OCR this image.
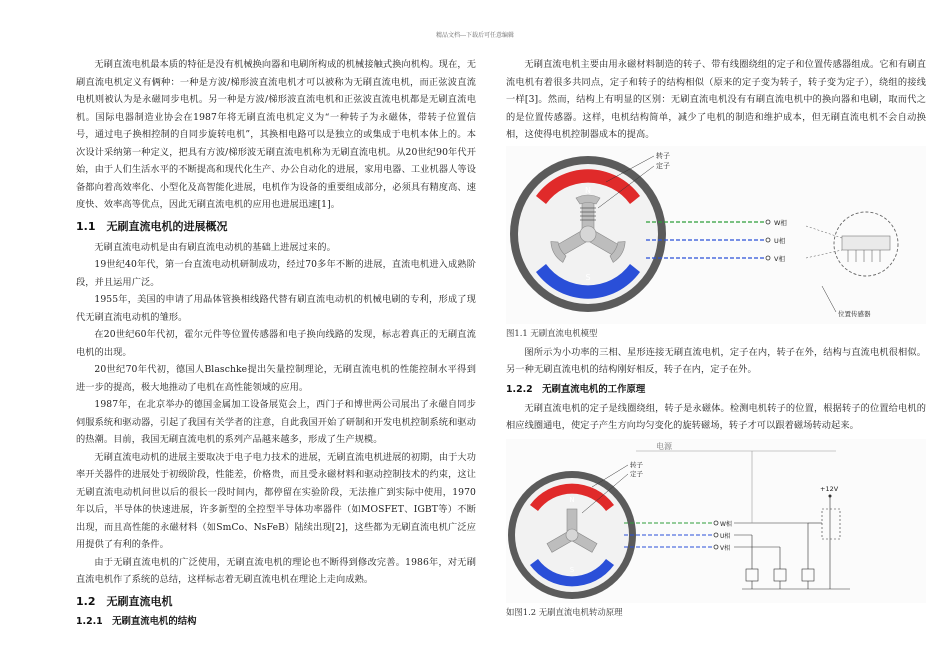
精品文档---下载后可任意编辑

无刷直流电机最本质的特征是没有机械换向器和电刷所构成的机械接触式换向机构。现在，无刷直流电机定义有俩种：一种是方波/梯形波直流电机才可以被称为无刷直流电机，而正弦波直流电机则被认为是永磁同步电机。另一种是方波/梯形波直流电机和正弦波直流电机都是无刷直流电机。国际电器制造业协会在1987年将无刷直流电机定义为“一种转子为永磁体，带转子位置信号，通过电子换相控制的自同步旋转电机”，其换相电路可以是独立的或集成于电机本体上的。本次设计采纳第一种定义，把具有方波/梯形波无刷直流电机称为无刷直流电机。从20世纪90年代开始，由于人们生活水平的不断提高和现代化生产、办公自动化的进展，家用电器、工业机器人等设备都向着高效率化、小型化及高智能化进展，电机作为设备的重要组成部分，必须具有精度高、速度快、效率高等优点，因此无刷直流电机的应用也进展迅速[1]。

1.1　无刷直流电机的进展概况

无刷直流电动机是由有刷直流电动机的基础上进展过来的。

19世纪40年代，第一台直流电动机研制成功，经过70多年不断的进展，直流电机进入成熟阶段，并且运用广泛。

1955年，美国的申请了用晶体管换相线路代替有刷直流电动机的机械电刷的专利，形成了现代无刷直流电动机的雏形。

在20世纪60年代初，霍尔元件等位置传感器和电子换向线路的发现，标志着真正的无刷直流电机的出现。

20世纪70年代初，德国人Blaschke提出矢量控制理论，无刷直流电机的性能控制水平得到进一步的提高，极大地推动了电机在高性能领域的应用。

1987年，在北京举办的德国金属加工设备展览会上，西门子和博世两公司展出了永磁自同步伺服系统和驱动器，引起了我国有关学者的注意，自此我国开始了研制和开发电机控制系统和驱动的热潮。目前，我国无刷直流电机的系列产品越来越多，形成了生产规模。

无刷直流电动机的进展主要取决于电子电力技术的进展，无刷直流电机进展的初期，由于大功率开关器件的进展处于初级阶段，性能差，价格贵，而且受永磁材料和驱动控制技术的约束，这让无刷直流电动机问世以后的很长一段时间内，都停留在实验阶段，无法推广到实际中使用，1970年以后，半导体的快速进展，许多新型的全控型半导体功率器件（如MOSFET、IGBT等）不断出现，而且高性能的永磁材料（如SmCo、NsFeB）陆续出现[2]，这些都为无刷直流电机广泛应用提供了有利的条件。

由于无刷直流电机的广泛使用，无刷直流电机的理论也不断得到修改完善。1986年，对无刷直流电机作了系统的总结，这样标志着无刷直流电机在理论上走向成熟。

1.2　无刷直流电机
1.2.1　无刷直流电机的结构

无刷直流电机主要由用永磁材料制造的转子、带有线圈绕组的定子和位置传感器组成。它和有刷直流电机有着很多共同点，定子和转子的结构相似（原来的定子变为转子，转子变为定子），绕组的接线一样[3]。然而，结构上有明显的区别：无刷直流电机没有有刷直流电机中的换向器和电刷，取而代之的是位置传感器。这样，电机结构简单，减少了电机的制造和维护成本，但无刷直流电机不会自动换相，这使得电机控制器成本的提高。

N
S
转子
定子
W相
U相
V相
位置传感器
图1.1 无刷直流电机模型

图所示为小功率的三相、星形连接无刷直流电机，定子在内，转子在外，结构与直流电机很相似。另一种无刷直流电机的结构刚好相反，转子在内，定子在外。

1.2.2　无刷直流电机的工作原理

无刷直流电机的定子是线圈绕组，转子是永磁体。检测电机转子的位置，根据转子的位置给电机的相应线圈通电，使定子产生方向均匀变化的旋转磁场，转子才可以跟着磁场转动起来。

电源
N
S
转子
定子
W相
U相
V相
+12V
如图1.2 无刷直流电机转动原理
